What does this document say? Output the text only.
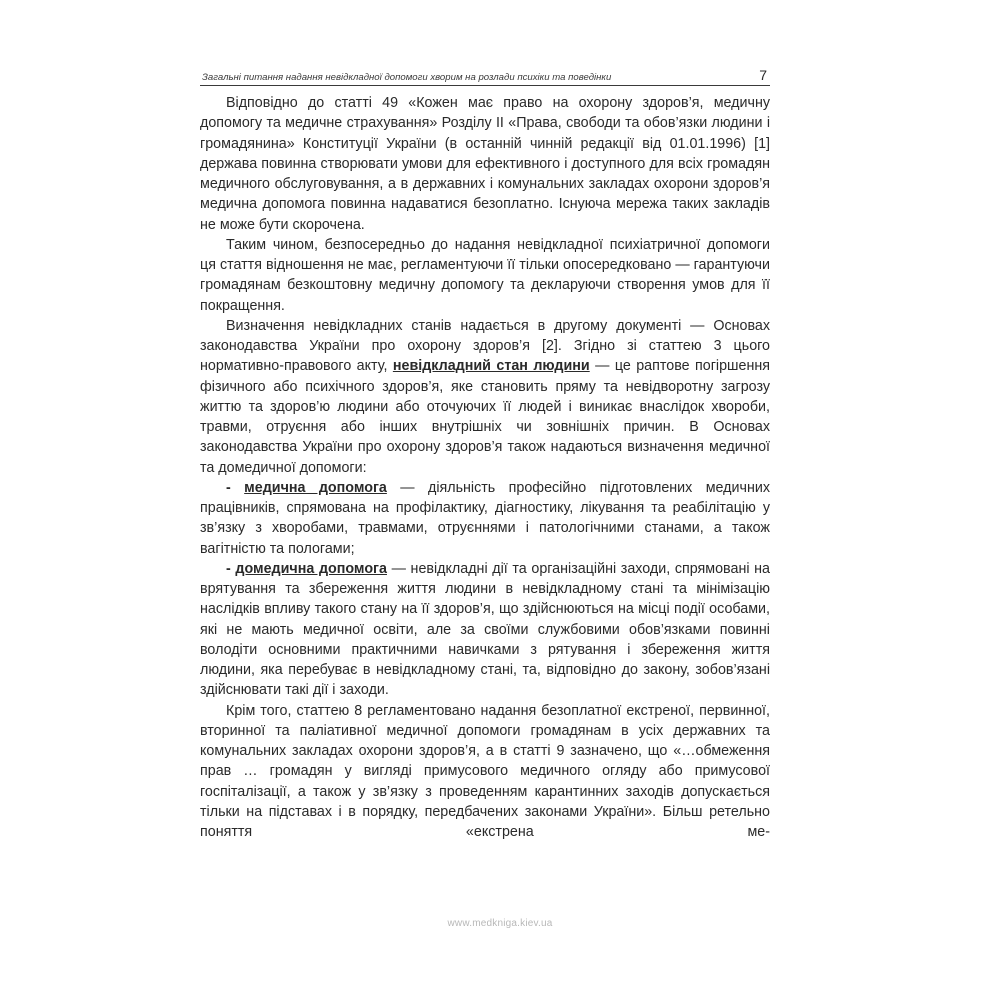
Загальні питання надання невідкладної допомоги хворим на розлади психіки та поведінки	7

Відповідно до статті 49 «Кожен має право на охорону здоров’я, медичну допомогу та медичне страхування» Розділу ІІ «Права, свободи та обов’язки людини і громадянина» Конституції України (в останній чинній редакції від 01.01.1996) [1] держава повинна створювати умови для ефективного і доступного для всіх громадян медичного обслуговування, а в державних і комунальних закладах охорони здоров’я медична допомога повинна надаватися безоплатно. Існуюча мережа таких закладів не може бути скорочена.

Таким чином, безпосередньо до надання невідкладної психіатричної допомоги ця стаття відношення не має, регламентуючи її тільки опосередковано — гарантуючи громадянам безкоштовну медичну допомогу та декларуючи створення умов для її покращення.

Визначення невідкладних станів надається в другому документі — Основах законодавства України про охорону здоров’я [2]. Згідно зі статтею 3 цього нормативно-правового акту, невідкладний стан людини — це раптове погіршення фізичного або психічного здоров’я, яке становить пряму та невідворотну загрозу життю та здоров’ю людини або оточуючих її людей і виникає внаслідок хвороби, травми, отруєння або інших внутрішніх чи зовнішніх причин. В Основах законодавства України про охорону здоров’я також надаються визначення медичної та домедичної допомоги:

- медична допомога — діяльність професійно підготовлених медичних працівників, спрямована на профілактику, діагностику, лікування та реабілітацію у зв’язку з хворобами, травмами, отруєннями і патологічними станами, а також вагітністю та пологами;

- домедична допомога — невідкладні дії та організаційні заходи, спрямовані на врятування та збереження життя людини в невідкладному стані та мінімізацію наслідків впливу такого стану на її здоров’я, що здійснюються на місці події особами, які не мають медичної освіти, але за своїми службовими обов’язками повинні володіти основними практичними навичками з рятування і збереження життя людини, яка перебуває в невідкладному стані, та, відповідно до закону, зобов’язані здійснювати такі дії і заходи.

Крім того, статтею 8 регламентовано надання безоплатної екстреної, первинної, вторинної та паліативної медичної допомоги громадянам в усіх державних та комунальних закладах охорони здоров’я, а в статті 9 зазначено, що «…обмеження прав … громадян у вигляді примусового медичного огляду або примусової госпіталізації, а також у зв’язку з проведенням карантинних заходів допускається тільки на підставах і в порядку, передбачених законами України». Більш ретельно поняття «екстрена ме-

www.medkniga.kiev.ua
